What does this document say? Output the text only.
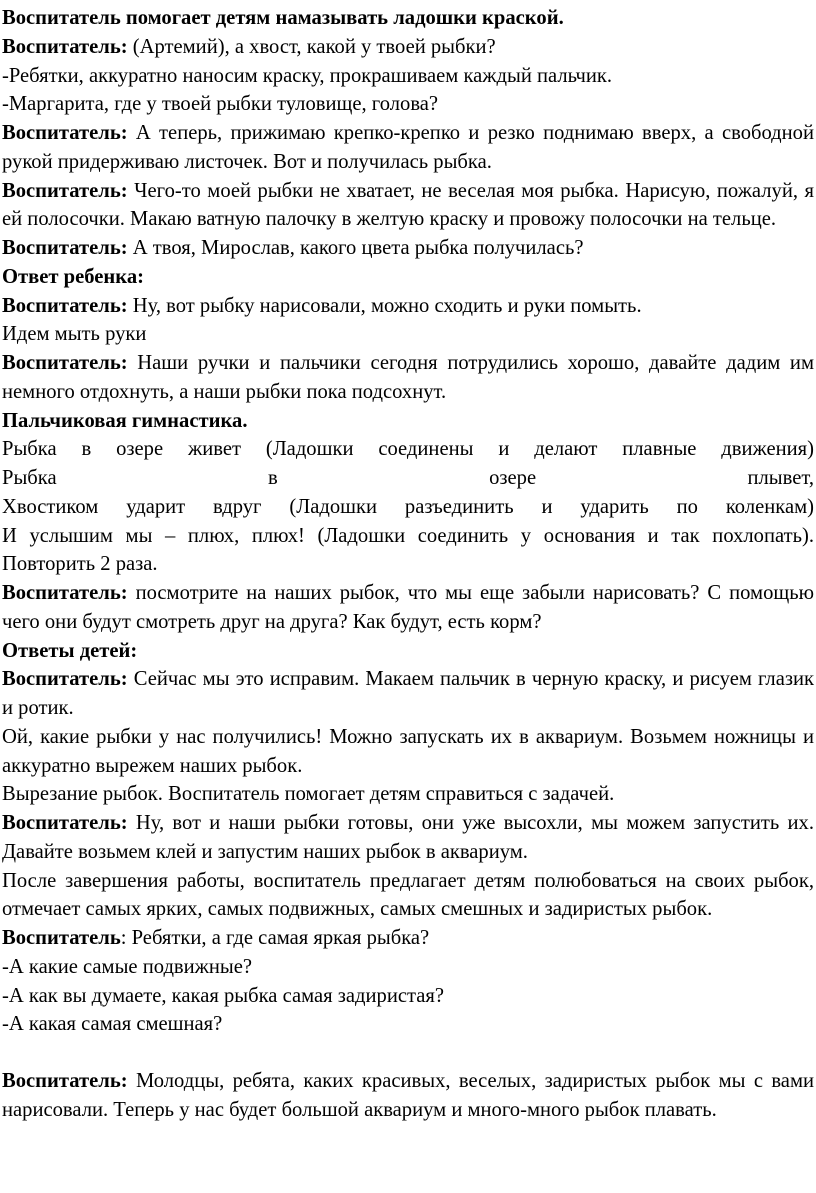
Воспитатель помогает детям намазывать ладошки краской.

Воспитатель: (Артемий), а хвост, какой у твоей рыбки?

-Ребятки, аккуратно наносим краску, прокрашиваем каждый пальчик.

-Маргарита, где у твоей рыбки туловище, голова?

Воспитатель: А теперь, прижимаю крепко-крепко и резко поднимаю вверх, а свободной рукой придерживаю листочек. Вот и получилась рыбка.

Воспитатель: Чего-то моей рыбки не хватает, не веселая моя рыбка. Нарисую, пожалуй, я ей полосочки. Макаю ватную палочку в желтую краску и провожу полосочки на тельце.

Воспитатель: А твоя, Мирослав, какого цвета рыбка получилась?

Ответ ребенка:

Воспитатель: Ну, вот рыбку нарисовали, можно сходить и руки помыть.

Идем мыть руки

Воспитатель: Наши ручки и пальчики сегодня потрудились хорошо, давайте дадим им немного отдохнуть, а наши рыбки пока подсохнут.

Пальчиковая гимнастика.

Рыбка в озере живет (Ладошки соединены и делают плавные движения)

Рыбка в озере плывет,

Хвостиком ударит вдруг (Ладошки разъединить и ударить по коленкам)

И услышим мы – плюх, плюх! (Ладошки соединить у основания и так похлопать). Повторить 2 раза.

Воспитатель: посмотрите на наших рыбок, что мы еще забыли нарисовать? С помощью чего они будут смотреть друг на друга? Как будут, есть корм?

Ответы детей:

Воспитатель: Сейчас мы это исправим. Макаем пальчик в черную краску, и рисуем глазик и ротик.

Ой, какие рыбки у нас получились! Можно запускать их в аквариум. Возьмем ножницы и аккуратно вырежем наших рыбок.

Вырезание рыбок. Воспитатель помогает детям справиться с задачей.

Воспитатель: Ну, вот и наши рыбки готовы, они уже высохли, мы можем запустить их. Давайте возьмем клей и запустим наших рыбок в аквариум.

После завершения работы, воспитатель предлагает детям полюбоваться на своих рыбок, отмечает самых ярких, самых подвижных, самых смешных и задиристых рыбок.

Воспитатель: Ребятки, а где самая яркая рыбка?

-А какие самые подвижные?

-А как вы думаете, какая рыбка самая задиристая?

-А какая самая смешная?

Воспитатель: Молодцы, ребята, каких красивых, веселых, задиристых рыбок мы с вами нарисовали. Теперь у нас будет большой аквариум и много-много рыбок плавать.
